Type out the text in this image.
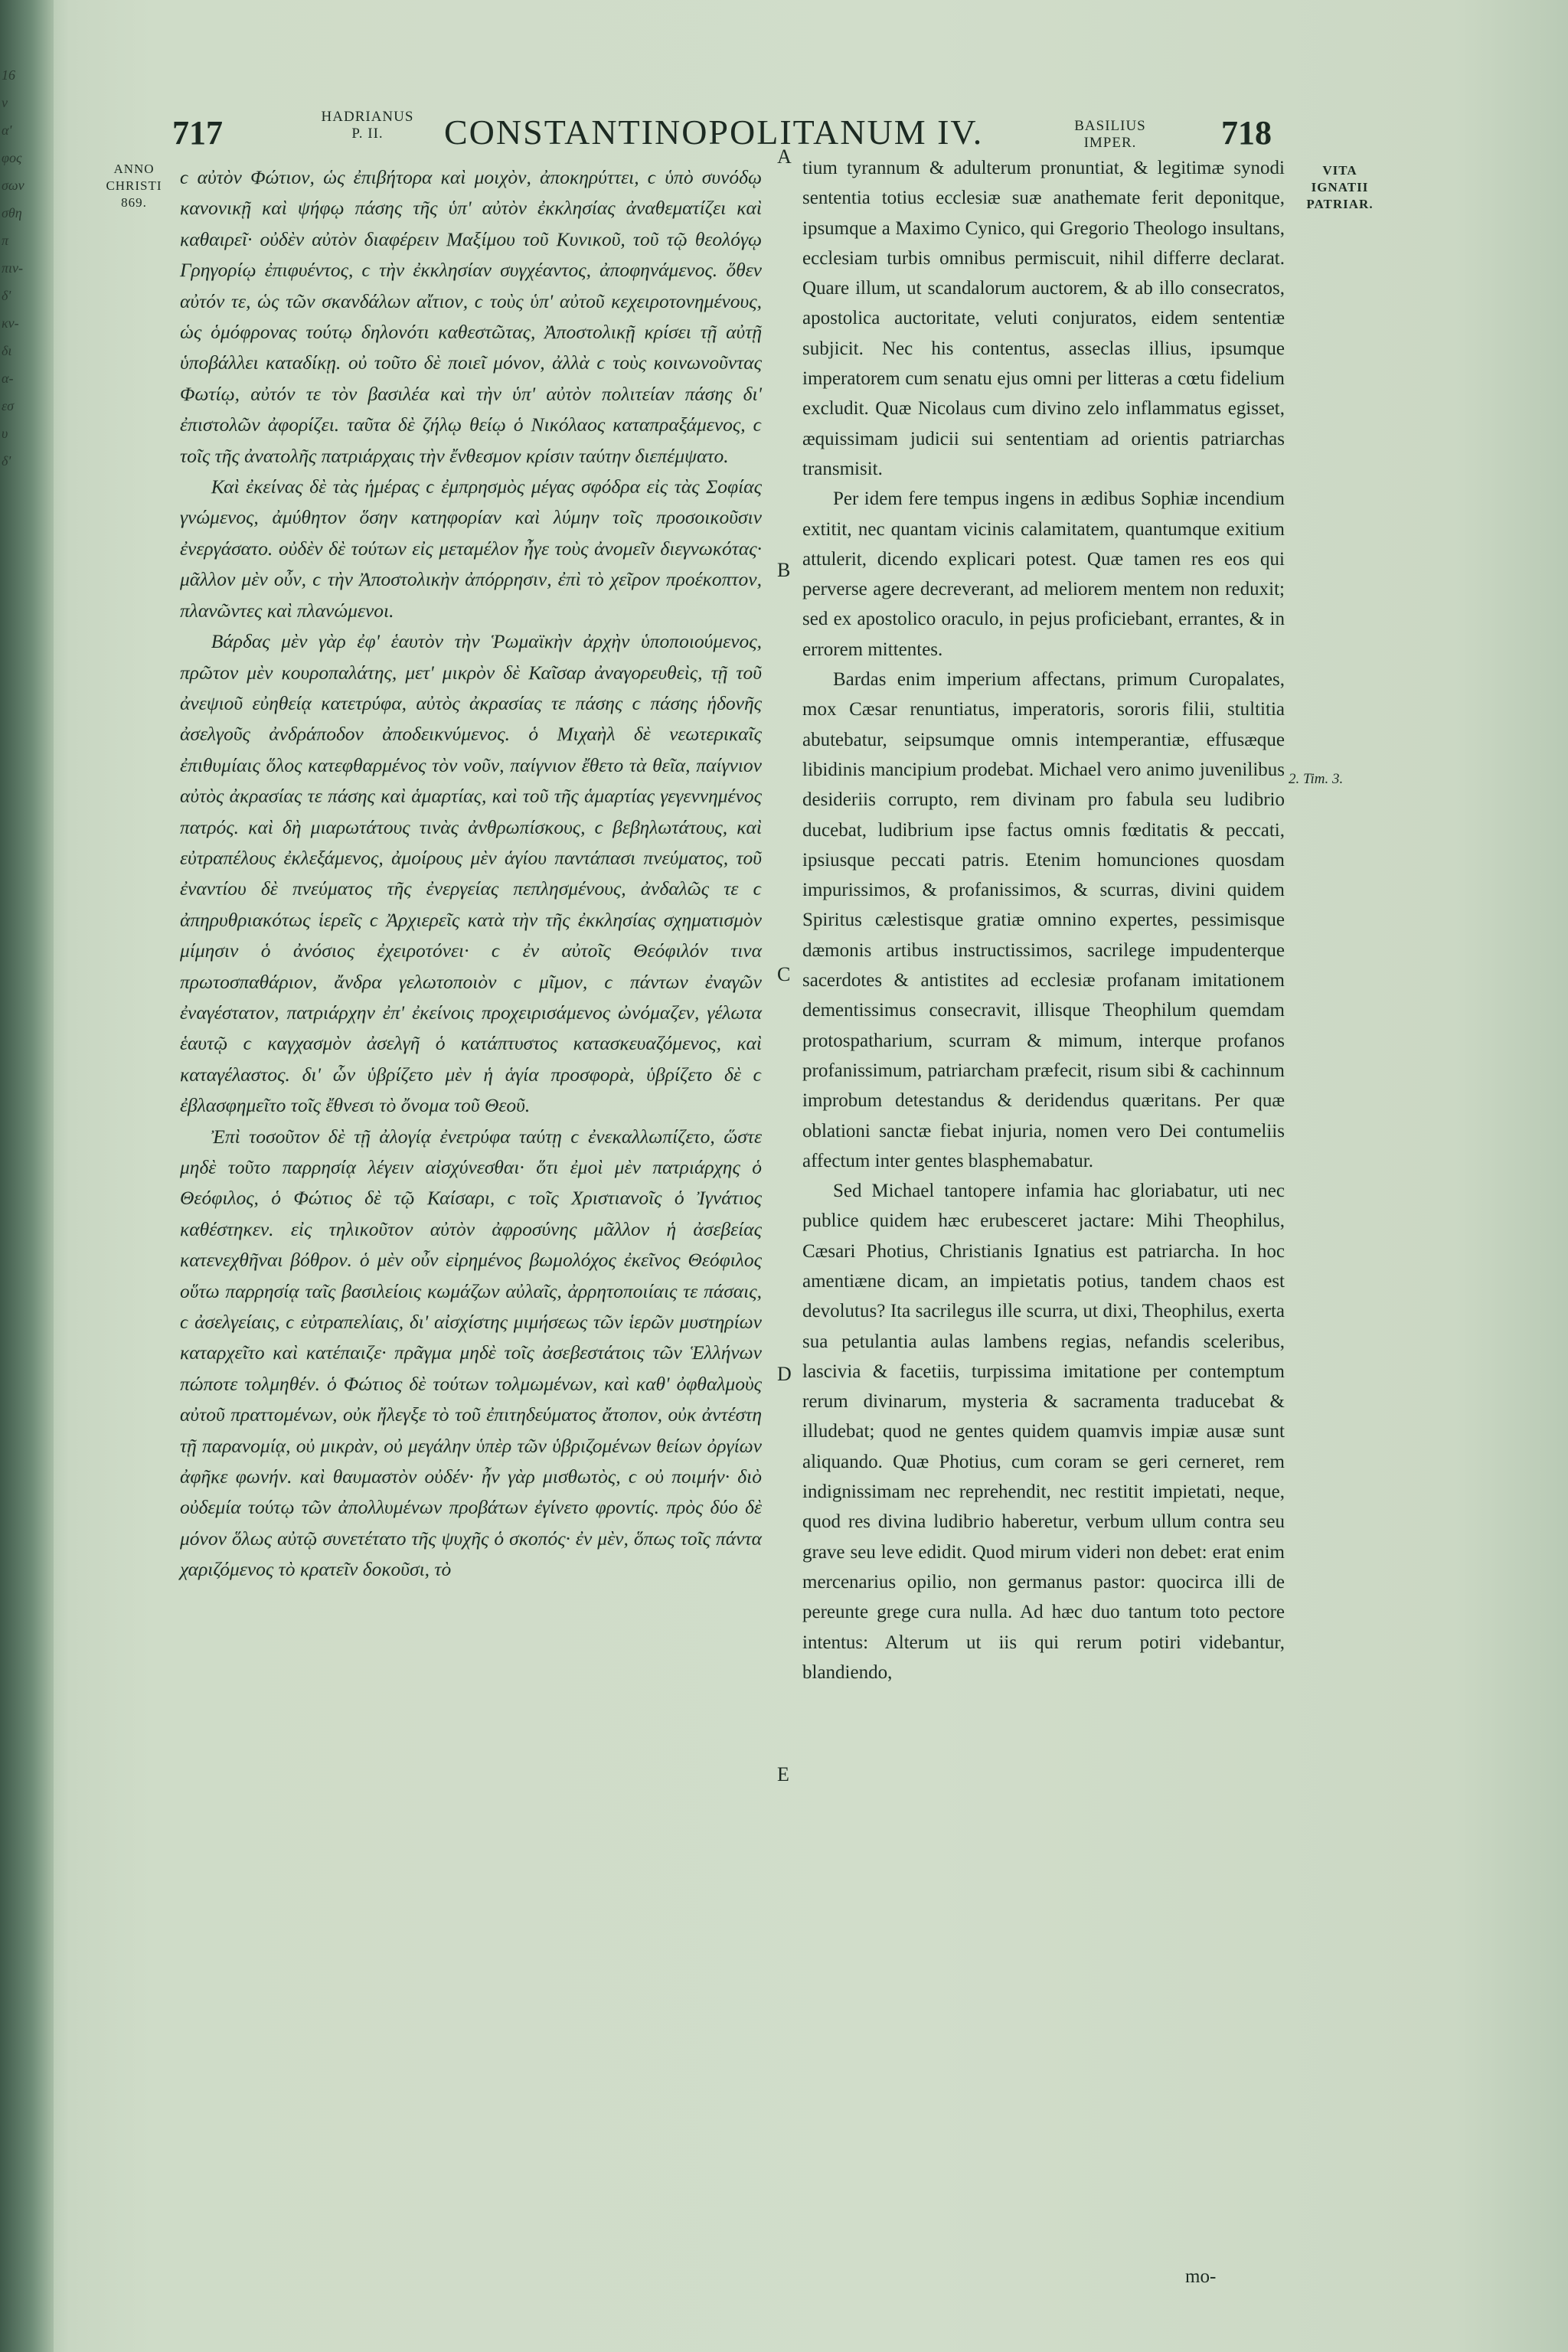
16
v
α'
φος
σων
σθη
π
πιν-
δ'
κν-
δι
α-
εσ
υ
δ'
717	HADRIANUS
P. II.	CONSTANTINOPOLITANUM IV.	BASILIUS
IMPER.	718
ANNO
CHRISTI
869.
VITA
IGNATII
PATRIAR.
2. Tim. 3.
A
B
C
D
E

ϲ αὐτὸν Φώτιον, ὡς ἐπιβήτορα καὶ μοιχὸν, ἀποκηρύττει, ϲ ὑπὸ συνόδῳ κανονικῇ καὶ ψήφῳ πάσης τῆς ὑπ' αὐτὸν ἐκκλησίας ἀναθεματίζει καὶ καθαιρεῖ· οὐδὲν αὐτὸν διαφέρειν Μαξίμου τοῦ Κυνικοῦ, τοῦ τῷ θεολόγῳ Γρηγορίῳ ἐπιφυέντος, ϲ τὴν ἐκκλησίαν συγχέαντος, ἀποφηνάμενος. ὅθεν αὐτόν τε, ὡς τῶν σκανδάλων αἴτιον, ϲ τοὺς ὑπ' αὐτοῦ κεχειροτονημένους, ὡς ὁμόφρονας τούτῳ δηλονότι καθεστῶτας, Ἀποστολικῇ κρίσει τῇ αὐτῇ ὑποβάλλει καταδίκῃ. οὐ τοῦτο δὲ ποιεῖ μόνον, ἀλλὰ ϲ τοὺς κοινωνοῦντας Φωτίῳ, αὐτόν τε τὸν βασιλέα καὶ τὴν ὑπ' αὐτὸν πολιτείαν πάσης δι' ἐπιστολῶν ἀφορίζει. ταῦτα δὲ ζήλῳ θείῳ ὁ Νικόλαος καταπραξάμενος, ϲ τοῖς τῆς ἀνατολῆς πατριάρχαις τὴν ἔνθεσμον κρίσιν ταύτην διεπέμψατο.

Καὶ ἐκείνας δὲ τὰς ἡμέρας ϲ ἐμπρησμὸς μέγας σφόδρα εἰς τὰς Σοφίας γνώμενος, ἀμύθητον ὅσην κατηφορίαν καὶ λύμην τοῖς προσοικοῦσιν ἐνεργάσατο. οὐδὲν δὲ τούτων εἰς μεταμέλον ἦγε τοὺς ἀνομεῖν διεγνωκότας· μᾶλλον μὲν οὖν, ϲ τὴν Ἀποστολικὴν ἀπόρρησιν, ἐπὶ τὸ χεῖρον προέκοπτον, πλανῶντες καὶ πλανώμενοι.

Βάρδας μὲν γὰρ ἐφ' ἑαυτὸν τὴν Ῥωμαϊκὴν ἀρχὴν ὑποποιούμενος, πρῶτον μὲν κουροπαλάτης, μετ' μικρὸν δὲ Καῖσαρ ἀναγορευθεὶς, τῇ τοῦ ἀνεψιοῦ εὐηθείᾳ κατετρύφα, αὐτὸς ἀκρασίας τε πάσης ϲ πάσης ἡδονῆς ἀσελγοῦς ἀνδράποδον ἀποδεικνύμενος. ὁ Μιχαὴλ δὲ νεωτερικαῖς ἐπιθυμίαις ὅλος κατεφθαρμένος τὸν νοῦν, παίγνιον ἔθετο τὰ θεῖα, παίγνιον αὐτὸς ἀκρασίας τε πάσης καὶ ἁμαρτίας, καὶ τοῦ τῆς ἁμαρτίας γεγεννημένος πατρός. καὶ δὴ μιαρωτάτους τινὰς ἀνθρωπίσκους, ϲ βεβηλωτάτους, καὶ εὐτραπέλους ἐκλεξάμενος, ἀμοίρους μὲν ἁγίου παντάπασι πνεύματος, τοῦ ἐναντίου δὲ πνεύματος τῆς ἐνεργείας πεπλησμένους, ἀνδαλῶς τε ϲ ἀπηρυθριακότως ἱερεῖς ϲ Ἀρχιερεῖς κατὰ τὴν τῆς ἐκκλησίας σχηματισμὸν μίμησιν ὁ ἀνόσιος ἐχειροτόνει· ϲ ἐν αὐτοῖς Θεόφιλόν τινα πρωτοσπαθάριον, ἄνδρα γελωτοποιὸν ϲ μῖμον, ϲ πάντων ἐναγῶν ἐναγέστατον, πατριάρχην ἐπ' ἐκείνοις προχειρισάμενος ὠνόμαζεν, γέλωτα ἑαυτῷ ϲ καγχασμὸν ἀσελγῆ ὁ κατάπτυστος κατασκευαζόμενος, καὶ καταγέλαστος. δι' ὧν ὑβρίζετο μὲν ἡ ἁγία προσφορὰ, ὑβρίζετο δὲ ϲ ἐβλασφημεῖτο τοῖς ἔθνεσι τὸ ὄνομα τοῦ Θεοῦ.

Ἐπὶ τοσοῦτον δὲ τῇ ἀλογίᾳ ἐνετρύφα ταύτῃ ϲ ἐνεκαλλωπίζετο, ὥστε μηδὲ τοῦτο παρρησίᾳ λέγειν αἰσχύνεσθαι· ὅτι ἐμοὶ μὲν πατριάρχης ὁ Θεόφιλος, ὁ Φώτιος δὲ τῷ Καίσαρι, ϲ τοῖς Χριστιανοῖς ὁ Ἰγνάτιος καθέστηκεν. εἰς τηλικοῦτον αὐτὸν ἀφροσύνης μᾶλλον ἡ ἀσεβείας κατενεχθῆναι βόθρον. ὁ μὲν οὖν εἰρημένος βωμολόχος ἐκεῖνος Θεόφιλος οὕτω παρρησίᾳ ταῖς βασιλείοις κωμάζων αὐλαῖς, ἀρρητοποιίαις τε πάσαις, ϲ ἀσελγείαις, ϲ εὐτραπελίαις, δι' αἰσχίστης μιμήσεως τῶν ἱερῶν μυστηρίων καταρχεῖτο καὶ κατέπαιζε· πρᾶγμα μηδὲ τοῖς ἀσεβεστάτοις τῶν Ἑλλήνων πώποτε τολμηθέν. ὁ Φώτιος δὲ τούτων τολμωμένων, καὶ καθ' ὀφθαλμοὺς αὐτοῦ πραττομένων, οὐκ ἤλεγξε τὸ τοῦ ἐπιτηδεύματος ἄτοπον, οὐκ ἀντέστη τῇ παρανομίᾳ, οὐ μικρὰν, οὐ μεγάλην ὑπὲρ τῶν ὑβριζομένων θείων ὀργίων ἀφῆκε φωνήν. καὶ θαυμαστὸν οὐδέν· ἦν γὰρ μισθωτὸς, ϲ οὐ ποιμήν· διὸ οὐδεμία τούτῳ τῶν ἀπολλυμένων προβάτων ἐγίνετο φροντίς. πρὸς δύο δὲ μόνον ὅλως αὐτῷ συνετέτατο τῆς ψυχῆς ὁ σκοπός· ἐν μὲν, ὅπως τοῖς πάντα χαριζόμενος τὸ κρατεῖν δοκοῦσι, τὸ

tium tyrannum & adulterum pronuntiat, & legitimæ synodi sententia totius ecclesiæ suæ anathemate ferit deponitque, ipsumque a Maximo Cynico, qui Gregorio Theologo insultans, ecclesiam turbis omnibus permiscuit, nihil differre declarat. Quare illum, ut scandalorum auctorem, & ab illo consecratos, apostolica auctoritate, veluti conjuratos, eidem sententiæ subjicit. Nec his contentus, asseclas illius, ipsumque imperatorem cum senatu ejus omni per litteras a cœtu fidelium excludit. Quæ Nicolaus cum divino zelo inflammatus egisset, æquissimam judicii sui sententiam ad orientis patriarchas transmisit.

Per idem fere tempus ingens in ædibus Sophiæ incendium extitit, nec quantam vicinis calamitatem, quantumque exitium attulerit, dicendo explicari potest. Quæ tamen res eos qui perverse agere decreverant, ad meliorem mentem non reduxit; sed ex apostolico oraculo, in pejus proficiebant, errantes, & in errorem mittentes.

Bardas enim imperium affectans, primum Curopalates, mox Cæsar renuntiatus, imperatoris, sororis filii, stultitia abutebatur, seipsumque omnis intemperantiæ, effusæque libidinis mancipium prodebat. Michael vero animo juvenilibus desideriis corrupto, rem divinam pro fabula seu ludibrio ducebat, ludibrium ipse factus omnis fœditatis & peccati, ipsiusque peccati patris. Etenim homunciones quosdam impurissimos, & profanissimos, & scurras, divini quidem Spiritus cælestisque gratiæ omnino expertes, pessimisque dæmonis artibus instructissimos, sacrilege impudenterque sacerdotes & antistites ad ecclesiæ profanam imitationem dementissimus consecravit, illisque Theophilum quemdam protospatharium, scurram & mimum, interque profanos profanissimum, patriarcham præfecit, risum sibi & cachinnum improbum detestandus & deridendus quæritans. Per quæ oblationi sanctæ fiebat injuria, nomen vero Dei contumeliis affectum inter gentes blasphemabatur.

Sed Michael tantopere infamia hac gloriabatur, uti nec publice quidem hæc erubesceret jactare: Mihi Theophilus, Cæsari Photius, Christianis Ignatius est patriarcha. In hoc amentiæne dicam, an impietatis potius, tandem chaos est devolutus? Ita sacrilegus ille scurra, ut dixi, Theophilus, exerta sua petulantia aulas lambens regias, nefandis sceleribus, lascivia & facetiis, turpissima imitatione per contemptum rerum divinarum, mysteria & sacramenta traducebat & illudebat; quod ne gentes quidem quamvis impiæ ausæ sunt aliquando. Quæ Photius, cum coram se geri cerneret, rem indignissimam nec reprehendit, nec restitit impietati, neque, quod res divina ludibrio haberetur, verbum ullum contra seu grave seu leve edidit. Quod mirum videri non debet: erat enim mercenarius opilio, non germanus pastor: quocirca illi de pereunte grege cura nulla. Ad hæc duo tantum toto pectore intentus: Alterum ut iis qui rerum potiri videbantur, blandiendo,

mo-
